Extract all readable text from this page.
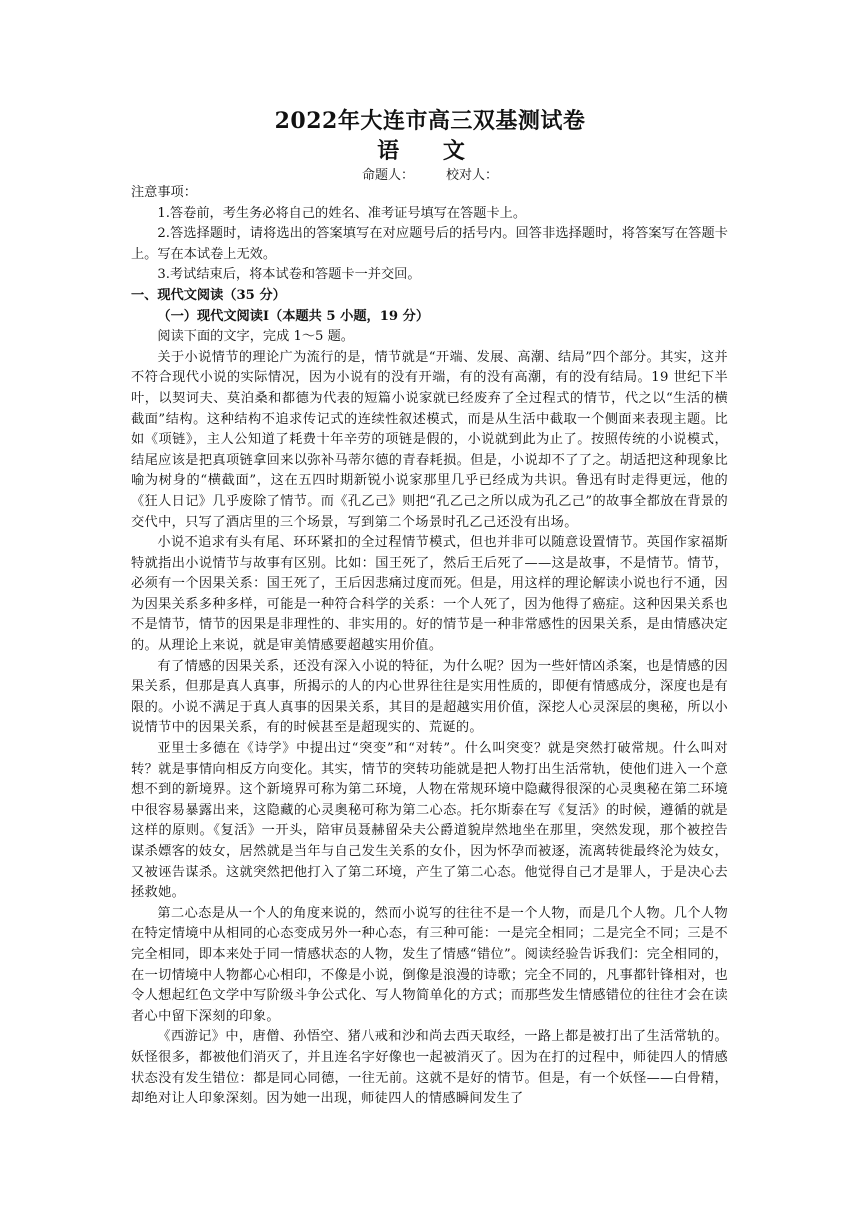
2022年大连市高三双基测试卷
语 文
命题人： 校对人：

注意事项：

1.答卷前，考生务必将自己的姓名、准考证号填写在答题卡上。

2.答选择题时，请将选出的答案填写在对应题号后的括号内。回答非选择题时，将答案写在答题卡上。写在本试卷上无效。

3.考试结束后，将本试卷和答题卡一并交回。

一、现代文阅读（35 分）

（一）现代文阅读Ⅰ（本题共 5 小题，19 分）

阅读下面的文字，完成 1～5 题。

关于小说情节的理论广为流行的是，情节就是“开端、发展、高潮、结局”四个部分。其实，这并不符合现代小说的实际情况，因为小说有的没有开端，有的没有高潮，有的没有结局。19 世纪下半叶，以契诃夫、莫泊桑和都德为代表的短篇小说家就已经废弃了全过程式的情节，代之以“生活的横截面”结构。这种结构不追求传记式的连续性叙述模式，而是从生活中截取一个侧面来表现主题。比如《项链》，主人公知道了耗费十年辛劳的项链是假的，小说就到此为止了。按照传统的小说模式，结尾应该是把真项链拿回来以弥补马蒂尔德的青春耗损。但是，小说却不了了之。胡适把这种现象比喻为树身的“横截面”，这在五四时期新锐小说家那里几乎已经成为共识。鲁迅有时走得更远，他的《狂人日记》几乎废除了情节。而《孔乙己》则把“孔乙己之所以成为孔乙己”的故事全都放在背景的交代中，只写了酒店里的三个场景，写到第二个场景时孔乙己还没有出场。

小说不追求有头有尾、环环紧扣的全过程情节模式，但也并非可以随意设置情节。英国作家福斯特就指出小说情节与故事有区别。比如：国王死了，然后王后死了——这是故事，不是情节。情节，必须有一个因果关系：国王死了，王后因悲痛过度而死。但是，用这样的理论解读小说也行不通，因为因果关系多种多样，可能是一种符合科学的关系：一个人死了，因为他得了癌症。这种因果关系也不是情节，情节的因果是非理性的、非实用的。好的情节是一种非常感性的因果关系，是由情感决定的。从理论上来说，就是审美情感要超越实用价值。

有了情感的因果关系，还没有深入小说的特征，为什么呢？因为一些奸情凶杀案，也是情感的因果关系，但那是真人真事，所揭示的人的内心世界往往是实用性质的，即便有情感成分，深度也是有限的。小说不满足于真人真事的因果关系，其目的是超越实用价值，深挖人心灵深层的奥秘，所以小说情节中的因果关系，有的时候甚至是超现实的、荒诞的。

亚里士多德在《诗学》中提出过“突变”和“对转”。什么叫突变？就是突然打破常规。什么叫对转？就是事情向相反方向变化。其实，情节的突转功能就是把人物打出生活常轨，使他们进入一个意想不到的新境界。这个新境界可称为第二环境，人物在常规环境中隐藏得很深的心灵奥秘在第二环境中很容易暴露出来，这隐藏的心灵奥秘可称为第二心态。托尔斯泰在写《复活》的时候，遵循的就是这样的原则。《复活》一开头，陪审员聂赫留朵夫公爵道貌岸然地坐在那里，突然发现，那个被控告谋杀嫖客的妓女，居然就是当年与自己发生关系的女仆，因为怀孕而被逐，流离转徙最终沦为妓女，又被诬告谋杀。这就突然把他打入了第二环境，产生了第二心态。他觉得自己才是罪人，于是决心去拯救她。

第二心态是从一个人的角度来说的，然而小说写的往往不是一个人物，而是几个人物。几个人物在特定情境中从相同的心态变成另外一种心态，有三种可能：一是完全相同；二是完全不同；三是不完全相同，即本来处于同一情感状态的人物，发生了情感“错位”。阅读经验告诉我们：完全相同的，在一切情境中人物都心心相印，不像是小说，倒像是浪漫的诗歌；完全不同的，凡事都针锋相对，也令人想起红色文学中写阶级斗争公式化、写人物简单化的方式；而那些发生情感错位的往往才会在读者心中留下深刻的印象。

《西游记》中，唐僧、孙悟空、猪八戒和沙和尚去西天取经，一路上都是被打出了生活常轨的。妖怪很多，都被他们消灭了，并且连名字好像也一起被消灭了。因为在打的过程中，师徒四人的情感状态没有发生错位：都是同心同德，一往无前。这就不是好的情节。但是，有一个妖怪——白骨精，却绝对让人印象深刻。因为她一出现，师徒四人的情感瞬间发生了
